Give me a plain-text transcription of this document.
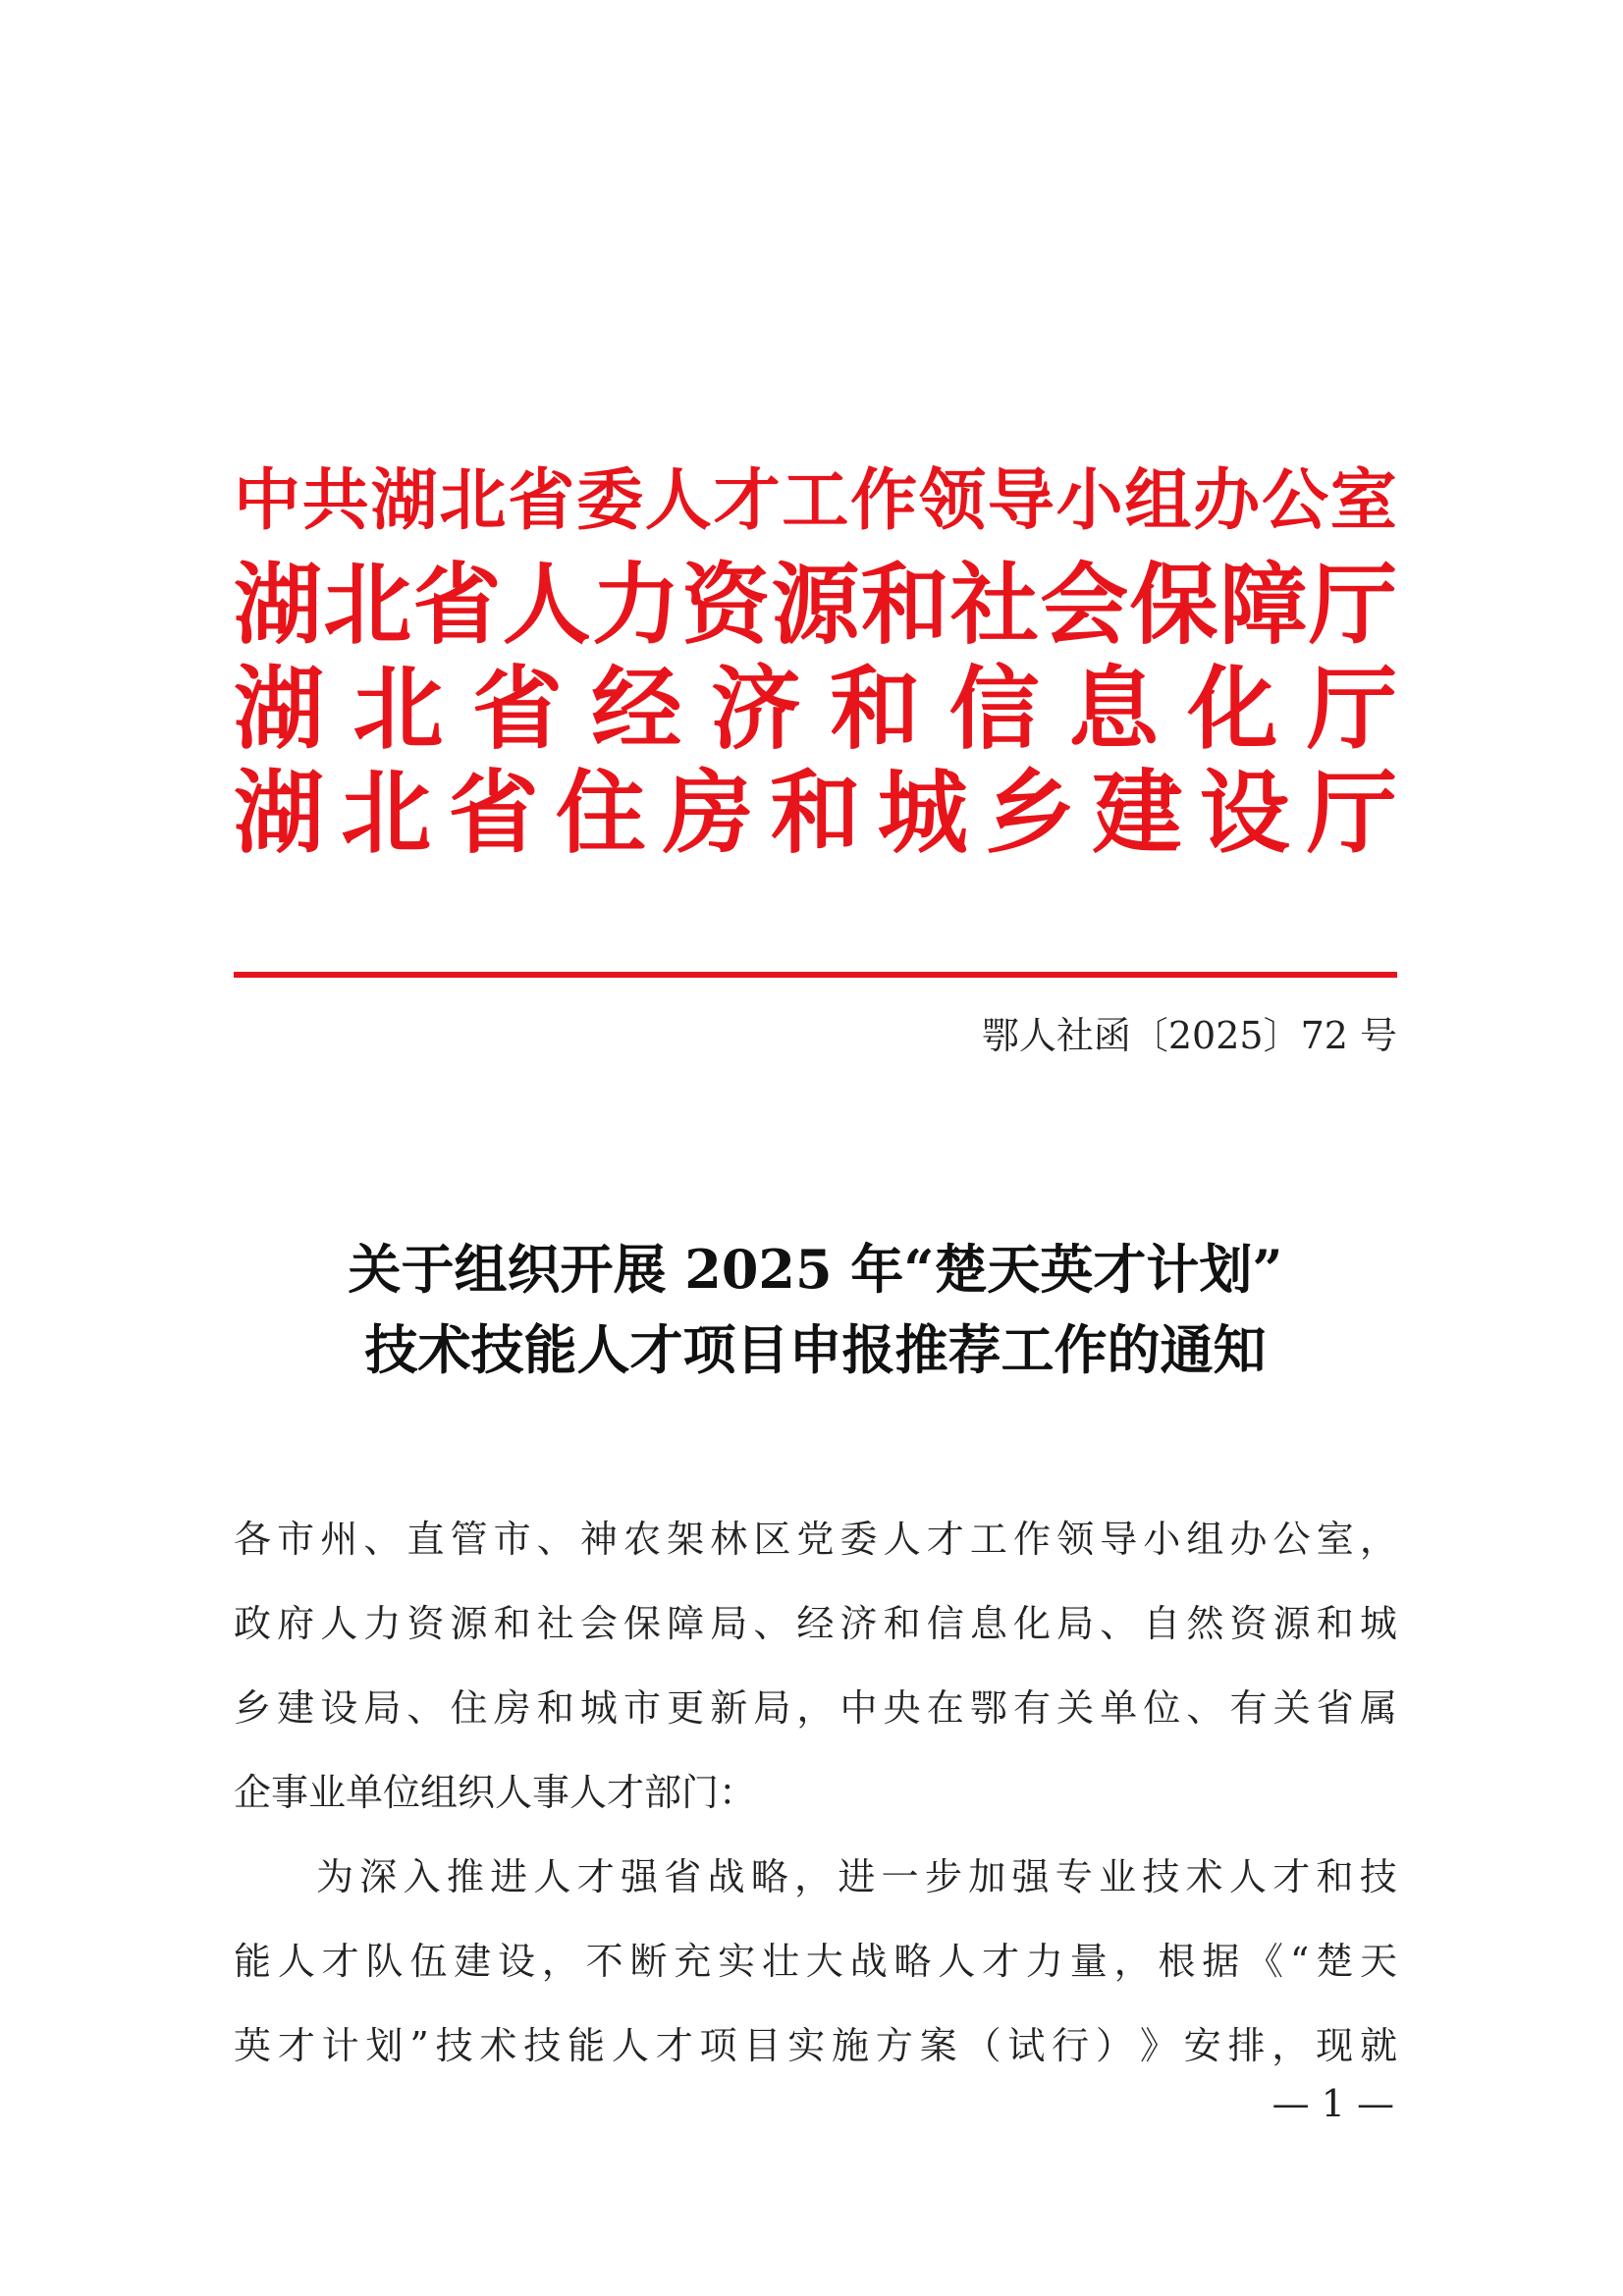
中 共 湖 北 省 委 人 才 工 作 领 导 小 组 办 公 室
湖 北 省 人 力 资 源 和 社 会 保 障 厅
湖 北 省 经 济 和 信 息 化 厅
湖 北 省 住 房 和 城 乡 建 设 厅
鄂人社函〔2025〕72 号
关于组织开展 2025 年“楚天英才计划”
技术技能人才项目申报推荐工作的通知
各 市 州 、 直 管 市 、 神 农 架 林 区 党 委 人 才 工 作 领 导 小 组 办 公 室 ，
政 府 人 力 资 源 和 社 会 保 障 局 、 经 济 和 信 息 化 局 、 自 然 资 源 和 城
乡 建 设 局 、 住 房 和 城 市 更 新 局 ， 中 央 在 鄂 有 关 单 位 、 有 关 省 属
企事业单位组织人事人才部门：
为 深 入 推 进 人 才 强 省 战 略 ， 进 一 步 加 强 专 业 技 术 人 才 和 技
能 人 才 队 伍 建 设 ， 不 断 充 实 壮 大 战 略 人 才 力 量 ， 根 据 《 “ 楚 天
英 才 计 划 ” 技 术 技 能 人 才 项 目 实 施 方 案 （ 试 行 ） 》 安 排 ， 现 就
— 1 —
